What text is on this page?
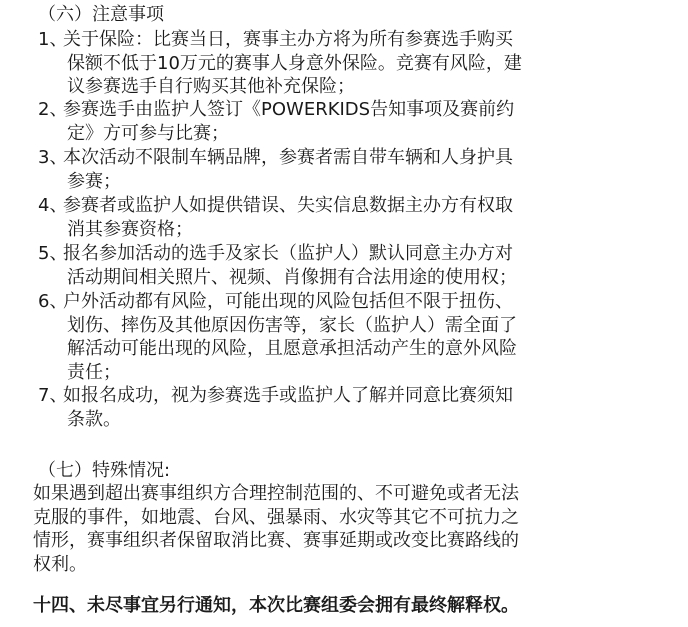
（六）注意事项
1、
关于保险：比赛当日，赛事主办方将为所有参赛选手购买
保额不低于10万元的赛事人身意外保险。竞赛有风险，建
议参赛选手自行购买其他补充保险；
2、
参赛选手由监护人签订《POWERKIDS告知事项及赛前约
定》方可参与比赛；
3、
本次活动不限制车辆品牌，参赛者需自带车辆和人身护具
参赛；
4、
参赛者或监护人如提供错误、失实信息数据主办方有权取
消其参赛资格；
5、
报名参加活动的选手及家长（监护人）默认同意主办方对
活动期间相关照片、视频、肖像拥有合法用途的使用权；
6、
户外活动都有风险，可能出现的风险包括但不限于扭伤、
划伤、摔伤及其他原因伤害等，家长（监护人）需全面了
解活动可能出现的风险，且愿意承担活动产生的意外风险
责任；
7、
如报名成功，视为参赛选手或监护人了解并同意比赛须知
条款。
（七）特殊情况:
如果遇到超出赛事组织方合理控制范围的、不可避免或者无法
克服的事件，如地震、台风、强暴雨、水灾等其它不可抗力之
情形，赛事组织者保留取消比赛、赛事延期或改变比赛路线的
权利。
十四、未尽事宜另行通知，本次比赛组委会拥有最终解释权。
